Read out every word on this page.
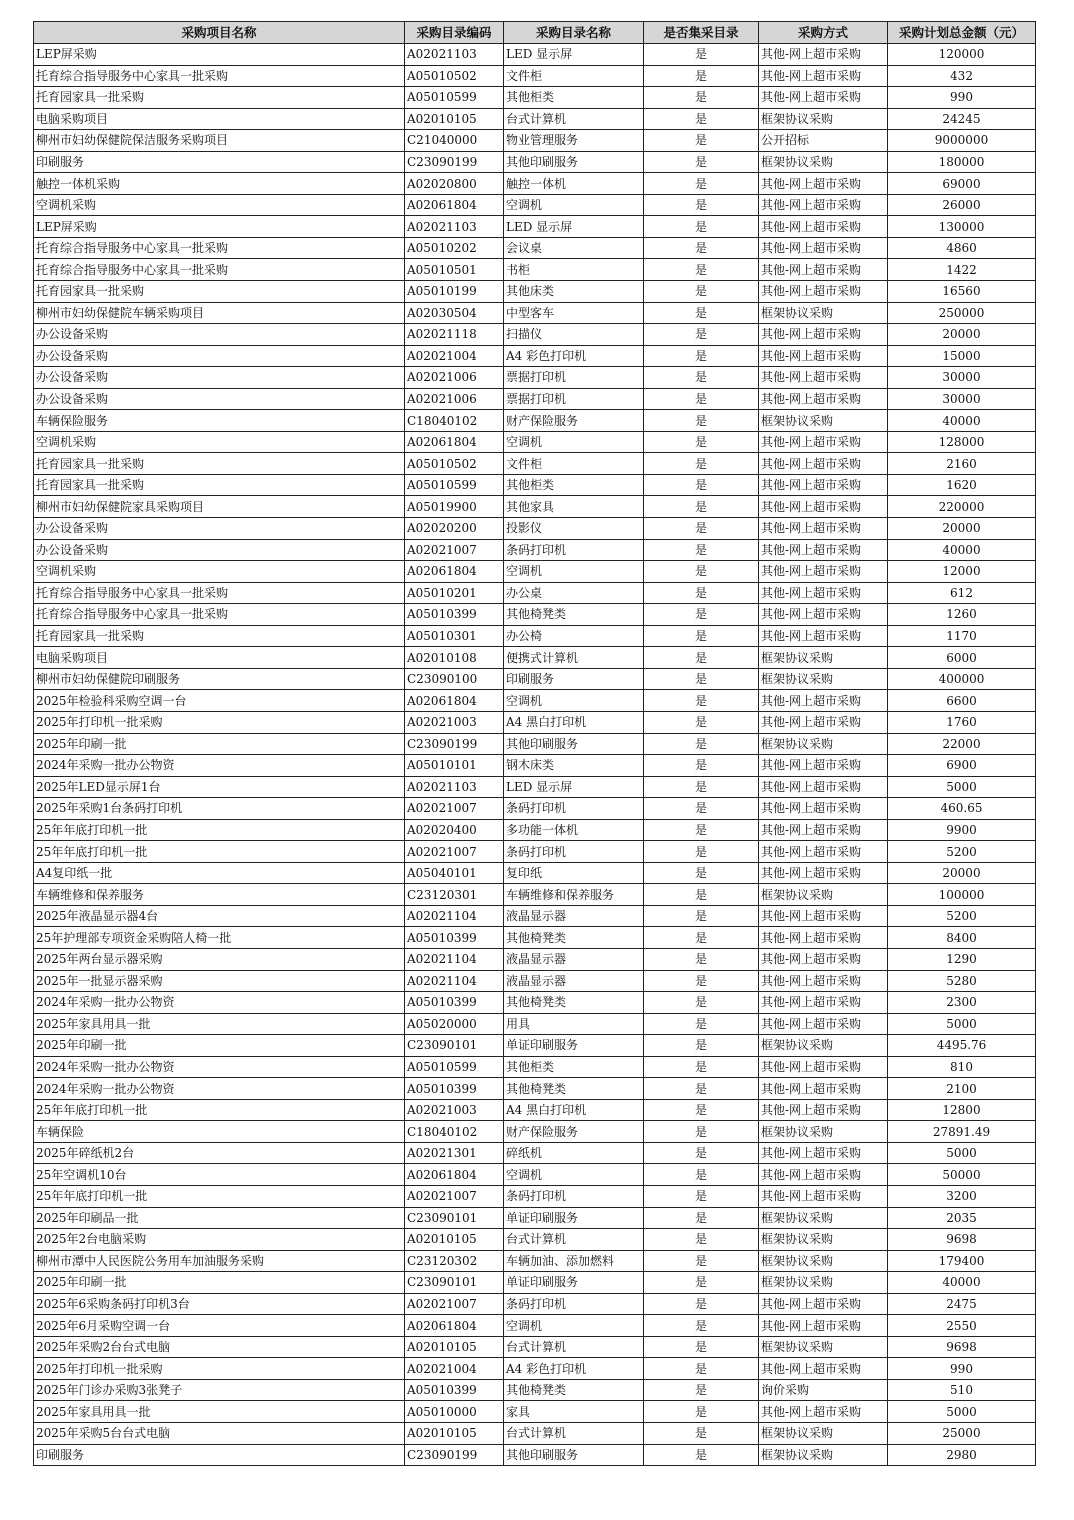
采购项目名称	采购目录编码	采购目录名称	是否集采目录	采购方式	采购计划总金额（元）
LEP屏采购	A02021103	LED 显示屏	是	其他-网上超市采购	120000
托育综合指导服务中心家具一批采购	A05010502	文件柜	是	其他-网上超市采购	432
托育园家具一批采购	A05010599	其他柜类	是	其他-网上超市采购	990
电脑采购项目	A02010105	台式计算机	是	框架协议采购	24245
柳州市妇幼保健院保洁服务采购项目	C21040000	物业管理服务	是	公开招标	9000000
印刷服务	C23090199	其他印刷服务	是	框架协议采购	180000
触控一体机采购	A02020800	触控一体机	是	其他-网上超市采购	69000
空调机采购	A02061804	空调机	是	其他-网上超市采购	26000
LEP屏采购	A02021103	LED 显示屏	是	其他-网上超市采购	130000
托育综合指导服务中心家具一批采购	A05010202	会议桌	是	其他-网上超市采购	4860
托育综合指导服务中心家具一批采购	A05010501	书柜	是	其他-网上超市采购	1422
托育园家具一批采购	A05010199	其他床类	是	其他-网上超市采购	16560
柳州市妇幼保健院车辆采购项目	A02030504	中型客车	是	框架协议采购	250000
办公设备采购	A02021118	扫描仪	是	其他-网上超市采购	20000
办公设备采购	A02021004	A4 彩色打印机	是	其他-网上超市采购	15000
办公设备采购	A02021006	票据打印机	是	其他-网上超市采购	30000
办公设备采购	A02021006	票据打印机	是	其他-网上超市采购	30000
车辆保险服务	C18040102	财产保险服务	是	框架协议采购	40000
空调机采购	A02061804	空调机	是	其他-网上超市采购	128000
托育园家具一批采购	A05010502	文件柜	是	其他-网上超市采购	2160
托育园家具一批采购	A05010599	其他柜类	是	其他-网上超市采购	1620
柳州市妇幼保健院家具采购项目	A05019900	其他家具	是	其他-网上超市采购	220000
办公设备采购	A02020200	投影仪	是	其他-网上超市采购	20000
办公设备采购	A02021007	条码打印机	是	其他-网上超市采购	40000
空调机采购	A02061804	空调机	是	其他-网上超市采购	12000
托育综合指导服务中心家具一批采购	A05010201	办公桌	是	其他-网上超市采购	612
托育综合指导服务中心家具一批采购	A05010399	其他椅凳类	是	其他-网上超市采购	1260
托育园家具一批采购	A05010301	办公椅	是	其他-网上超市采购	1170
电脑采购项目	A02010108	便携式计算机	是	框架协议采购	6000
柳州市妇幼保健院印刷服务	C23090100	印刷服务	是	框架协议采购	400000
2025年检验科采购空调一台	A02061804	空调机	是	其他-网上超市采购	6600
2025年打印机一批采购	A02021003	A4 黑白打印机	是	其他-网上超市采购	1760
2025年印刷一批	C23090199	其他印刷服务	是	框架协议采购	22000
2024年采购一批办公物资	A05010101	钢木床类	是	其他-网上超市采购	6900
2025年LED显示屏1台	A02021103	LED 显示屏	是	其他-网上超市采购	5000
2025年采购1台条码打印机	A02021007	条码打印机	是	其他-网上超市采购	460.65
25年年底打印机一批	A02020400	多功能一体机	是	其他-网上超市采购	9900
25年年底打印机一批	A02021007	条码打印机	是	其他-网上超市采购	5200
A4复印纸一批	A05040101	复印纸	是	其他-网上超市采购	20000
车辆维修和保养服务	C23120301	车辆维修和保养服务	是	框架协议采购	100000
2025年液晶显示器4台	A02021104	液晶显示器	是	其他-网上超市采购	5200
25年护理部专项资金采购陪人椅一批	A05010399	其他椅凳类	是	其他-网上超市采购	8400
2025年两台显示器采购	A02021104	液晶显示器	是	其他-网上超市采购	1290
2025年一批显示器采购	A02021104	液晶显示器	是	其他-网上超市采购	5280
2024年采购一批办公物资	A05010399	其他椅凳类	是	其他-网上超市采购	2300
2025年家具用具一批	A05020000	用具	是	其他-网上超市采购	5000
2025年印刷一批	C23090101	单证印刷服务	是	框架协议采购	4495.76
2024年采购一批办公物资	A05010599	其他柜类	是	其他-网上超市采购	810
2024年采购一批办公物资	A05010399	其他椅凳类	是	其他-网上超市采购	2100
25年年底打印机一批	A02021003	A4 黑白打印机	是	其他-网上超市采购	12800
车辆保险	C18040102	财产保险服务	是	框架协议采购	27891.49
2025年碎纸机2台	A02021301	碎纸机	是	其他-网上超市采购	5000
25年空调机10台	A02061804	空调机	是	其他-网上超市采购	50000
25年年底打印机一批	A02021007	条码打印机	是	其他-网上超市采购	3200
2025年印刷品一批	C23090101	单证印刷服务	是	框架协议采购	2035
2025年2台电脑采购	A02010105	台式计算机	是	框架协议采购	9698
柳州市潭中人民医院公务用车加油服务采购	C23120302	车辆加油、添加燃料	是	框架协议采购	179400
2025年印刷一批	C23090101	单证印刷服务	是	框架协议采购	40000
2025年6采购条码打印机3台	A02021007	条码打印机	是	其他-网上超市采购	2475
2025年6月采购空调一台	A02061804	空调机	是	其他-网上超市采购	2550
2025年采购2台台式电脑	A02010105	台式计算机	是	框架协议采购	9698
2025年打印机一批采购	A02021004	A4 彩色打印机	是	其他-网上超市采购	990
2025年门诊办采购3张凳子	A05010399	其他椅凳类	是	询价采购	510
2025年家具用具一批	A05010000	家具	是	其他-网上超市采购	5000
2025年采购5台台式电脑	A02010105	台式计算机	是	框架协议采购	25000
印刷服务	C23090199	其他印刷服务	是	框架协议采购	2980
